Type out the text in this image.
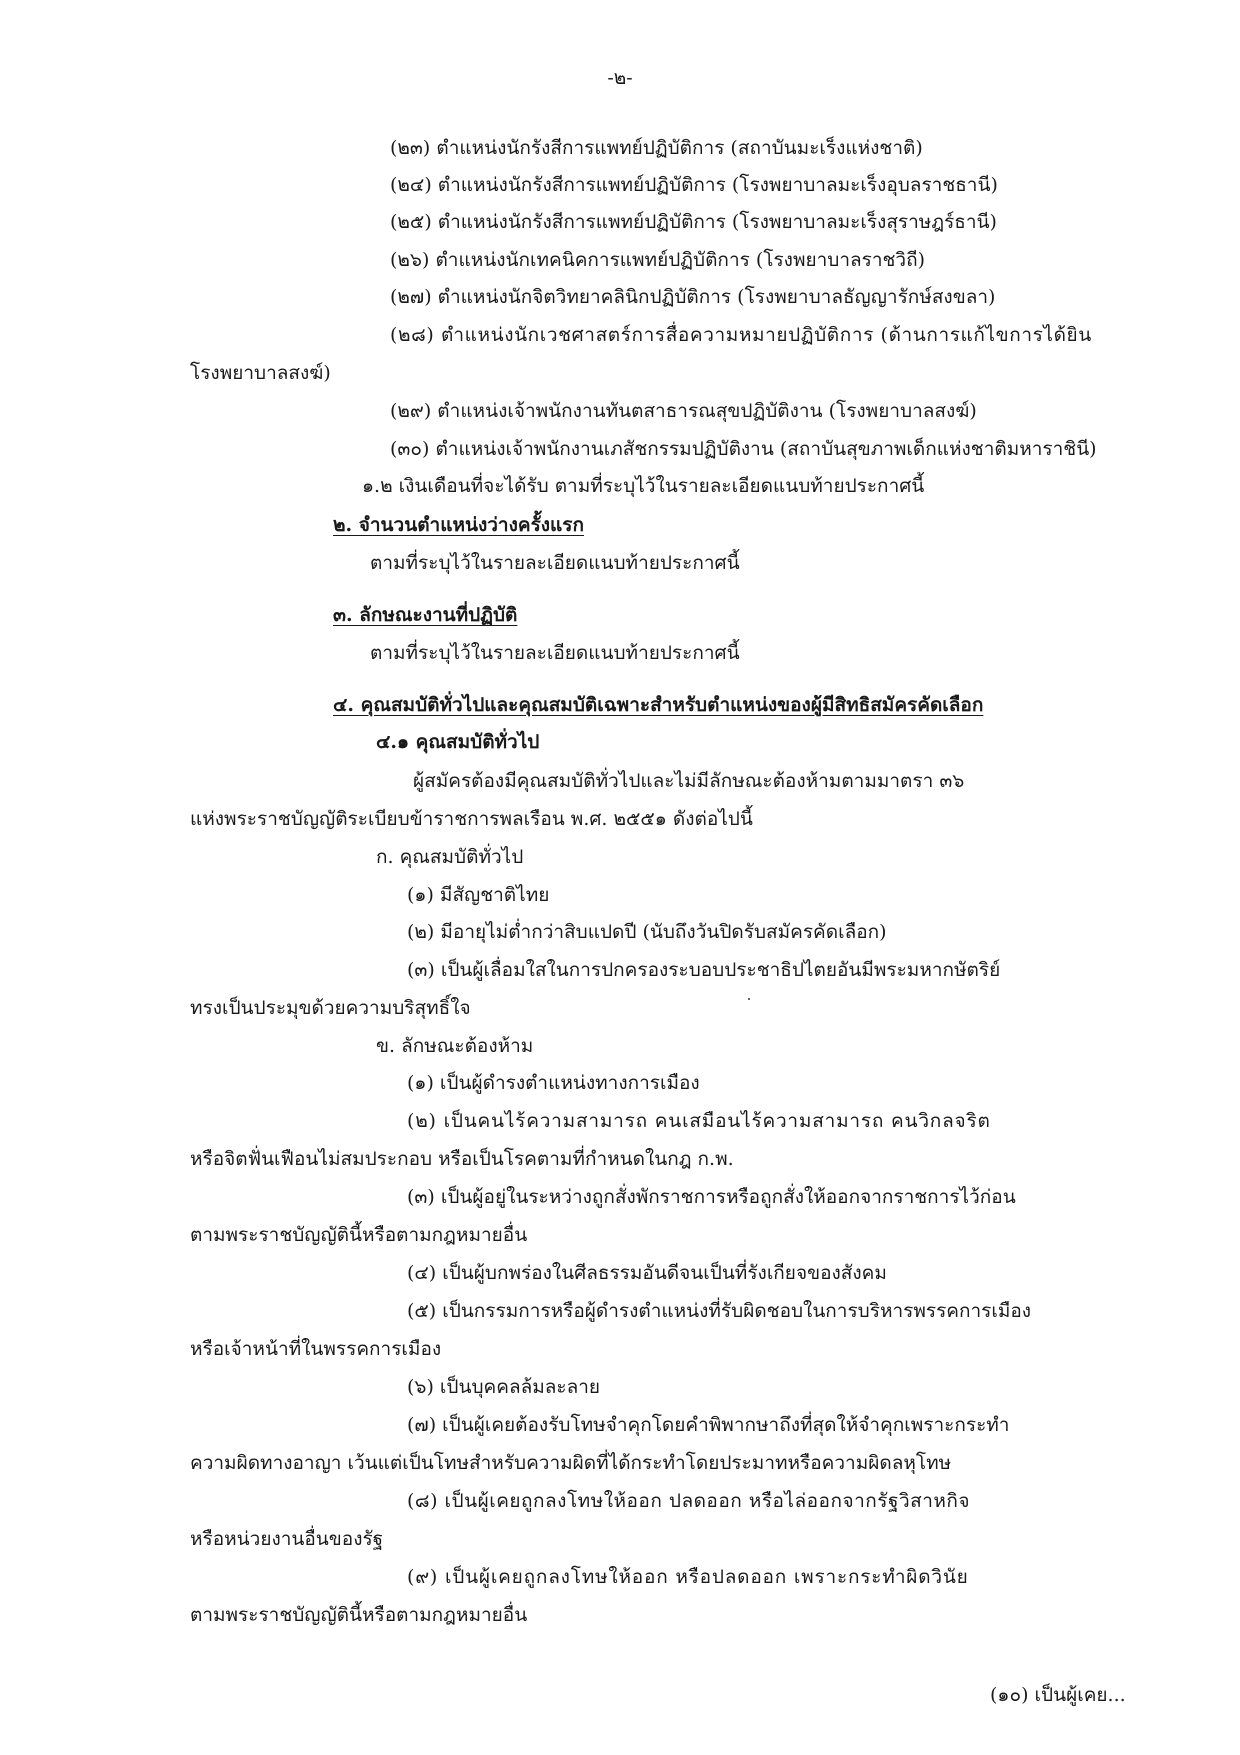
-๒-
(๒๓) ตำแหน่งนักรังสีการแพทย์ปฏิบัติการ (สถาบันมะเร็งแห่งชาติ)
(๒๔) ตำแหน่งนักรังสีการแพทย์ปฏิบัติการ (โรงพยาบาลมะเร็งอุบลราชธานี)
(๒๕) ตำแหน่งนักรังสีการแพทย์ปฏิบัติการ (โรงพยาบาลมะเร็งสุราษฎร์ธานี)
(๒๖) ตำแหน่งนักเทคนิคการแพทย์ปฏิบัติการ (โรงพยาบาลราชวิถี)
(๒๗) ตำแหน่งนักจิตวิทยาคลินิกปฏิบัติการ (โรงพยาบาลธัญญารักษ์สงขลา)
(๒๘) ตำแหน่งนักเวชศาสตร์การสื่อความหมายปฏิบัติการ (ด้านการแก้ไขการได้ยิน
โรงพยาบาลสงฆ์)
(๒๙) ตำแหน่งเจ้าพนักงานทันตสาธารณสุขปฏิบัติงาน (โรงพยาบาลสงฆ์)
(๓๐) ตำแหน่งเจ้าพนักงานเภสัชกรรมปฏิบัติงาน (สถาบันสุขภาพเด็กแห่งชาติมหาราชินี)
๑.๒ เงินเดือนที่จะได้รับ ตามที่ระบุไว้ในรายละเอียดแนบท้ายประกาศนี้
๒. จำนวนตำแหน่งว่างครั้งแรก
ตามที่ระบุไว้ในรายละเอียดแนบท้ายประกาศนี้
๓. ลักษณะงานที่ปฏิบัติ
ตามที่ระบุไว้ในรายละเอียดแนบท้ายประกาศนี้
๔. คุณสมบัติทั่วไปและคุณสมบัติเฉพาะสำหรับตำแหน่งของผู้มีสิทธิสมัครคัดเลือก
๔.๑ คุณสมบัติทั่วไป
ผู้สมัครต้องมีคุณสมบัติทั่วไปและไม่มีลักษณะต้องห้ามตามมาตรา ๓๖
แห่งพระราชบัญญัติระเบียบข้าราชการพลเรือน พ.ศ. ๒๕๕๑ ดังต่อไปนี้
ก. คุณสมบัติทั่วไป
(๑) มีสัญชาติไทย
(๒) มีอายุไม่ต่ำกว่าสิบแปดปี (นับถึงวันปิดรับสมัครคัดเลือก)
(๓) เป็นผู้เลื่อมใสในการปกครองระบอบประชาธิปไตยอันมีพระมหากษัตริย์
ทรงเป็นประมุขด้วยความบริสุทธิ์ใจ
ข. ลักษณะต้องห้าม
(๑) เป็นผู้ดำรงตำแหน่งทางการเมือง
(๒) เป็นคนไร้ความสามารถ คนเสมือนไร้ความสามารถ คนวิกลจริต
หรือจิตฟั่นเฟือนไม่สมประกอบ หรือเป็นโรคตามที่กำหนดในกฎ ก.พ.
(๓) เป็นผู้อยู่ในระหว่างถูกสั่งพักราชการหรือถูกสั่งให้ออกจากราชการไว้ก่อน
ตามพระราชบัญญัตินี้หรือตามกฎหมายอื่น
(๔) เป็นผู้บกพร่องในศีลธรรมอันดีจนเป็นที่รังเกียจของสังคม
(๕) เป็นกรรมการหรือผู้ดำรงตำแหน่งที่รับผิดชอบในการบริหารพรรคการเมือง
หรือเจ้าหน้าที่ในพรรคการเมือง
(๖) เป็นบุคคลล้มละลาย
(๗) เป็นผู้เคยต้องรับโทษจำคุกโดยคำพิพากษาถึงที่สุดให้จำคุกเพราะกระทำ
ความผิดทางอาญา เว้นแต่เป็นโทษสำหรับความผิดที่ได้กระทำโดยประมาทหรือความผิดลหุโทษ
(๘) เป็นผู้เคยถูกลงโทษให้ออก ปลดออก หรือไล่ออกจากรัฐวิสาหกิจ
หรือหน่วยงานอื่นของรัฐ
(๙) เป็นผู้เคยถูกลงโทษให้ออก หรือปลดออก เพราะกระทำผิดวินัย
ตามพระราชบัญญัตินี้หรือตามกฎหมายอื่น
(๑๐) เป็นผู้เคย...
